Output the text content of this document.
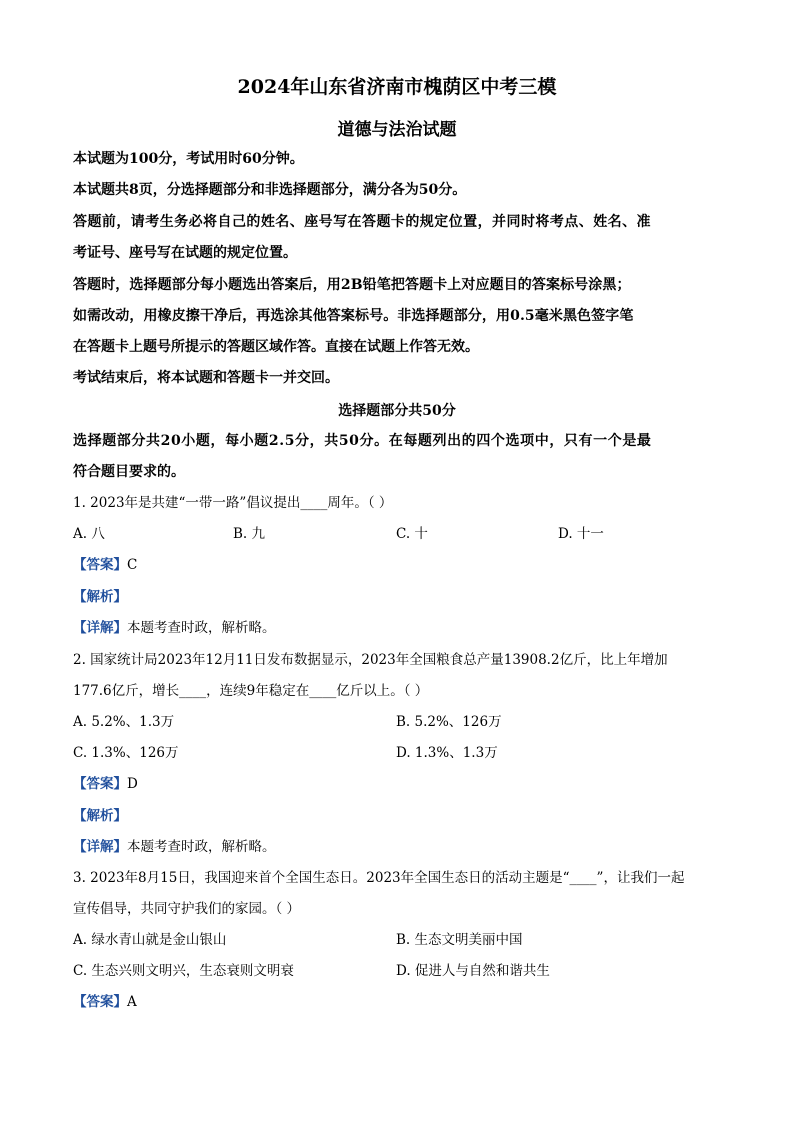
2024年山东省济南市槐荫区中考三模
道德与法治试题
本试题为100分，考试用时60分钟。
本试题共8页，分选择题部分和非选择题部分，满分各为50分。
答题前，请考生务必将自己的姓名、座号写在答题卡的规定位置，并同时将考点、姓名、准
考证号、座号写在试题的规定位置。
答题时，选择题部分每小题选出答案后，用2B铅笔把答题卡上对应题目的答案标号涂黑；
如需改动，用橡皮擦干净后，再选涂其他答案标号。非选择题部分，用0.5毫米黑色签字笔
在答题卡上题号所提示的答题区域作答。直接在试题上作答无效。
考试结束后，将本试题和答题卡一并交回。
选择题部分共50分
选择题部分共20小题，每小题2.5分，共50分。在每题列出的四个选项中，只有一个是最
符合题目要求的。
1. 2023年是共建“一带一路”倡议提出____周年。（ ）
A. 八	B. 九	C. 十	D. 十一
【答案】C
【解析】
【详解】本题考查时政，解析略。
2. 国家统计局2023年12月11日发布数据显示，2023年全国粮食总产量13908.2亿斤，比上年增加
177.6亿斤，增长____，连续9年稳定在____亿斤以上。（ ）
A. 5.2%、1.3万	B. 5.2%、126万
C. 1.3%、126万	D. 1.3%、1.3万
【答案】D
【解析】
【详解】本题考查时政，解析略。
3. 2023年8月15日，我国迎来首个全国生态日。2023年全国生态日的活动主题是“____”，让我们一起
宣传倡导，共同守护我们的家园。（ ）
A. 绿水青山就是金山银山	B. 生态文明美丽中国
C. 生态兴则文明兴，生态衰则文明衰	D. 促进人与自然和谐共生
【答案】A
